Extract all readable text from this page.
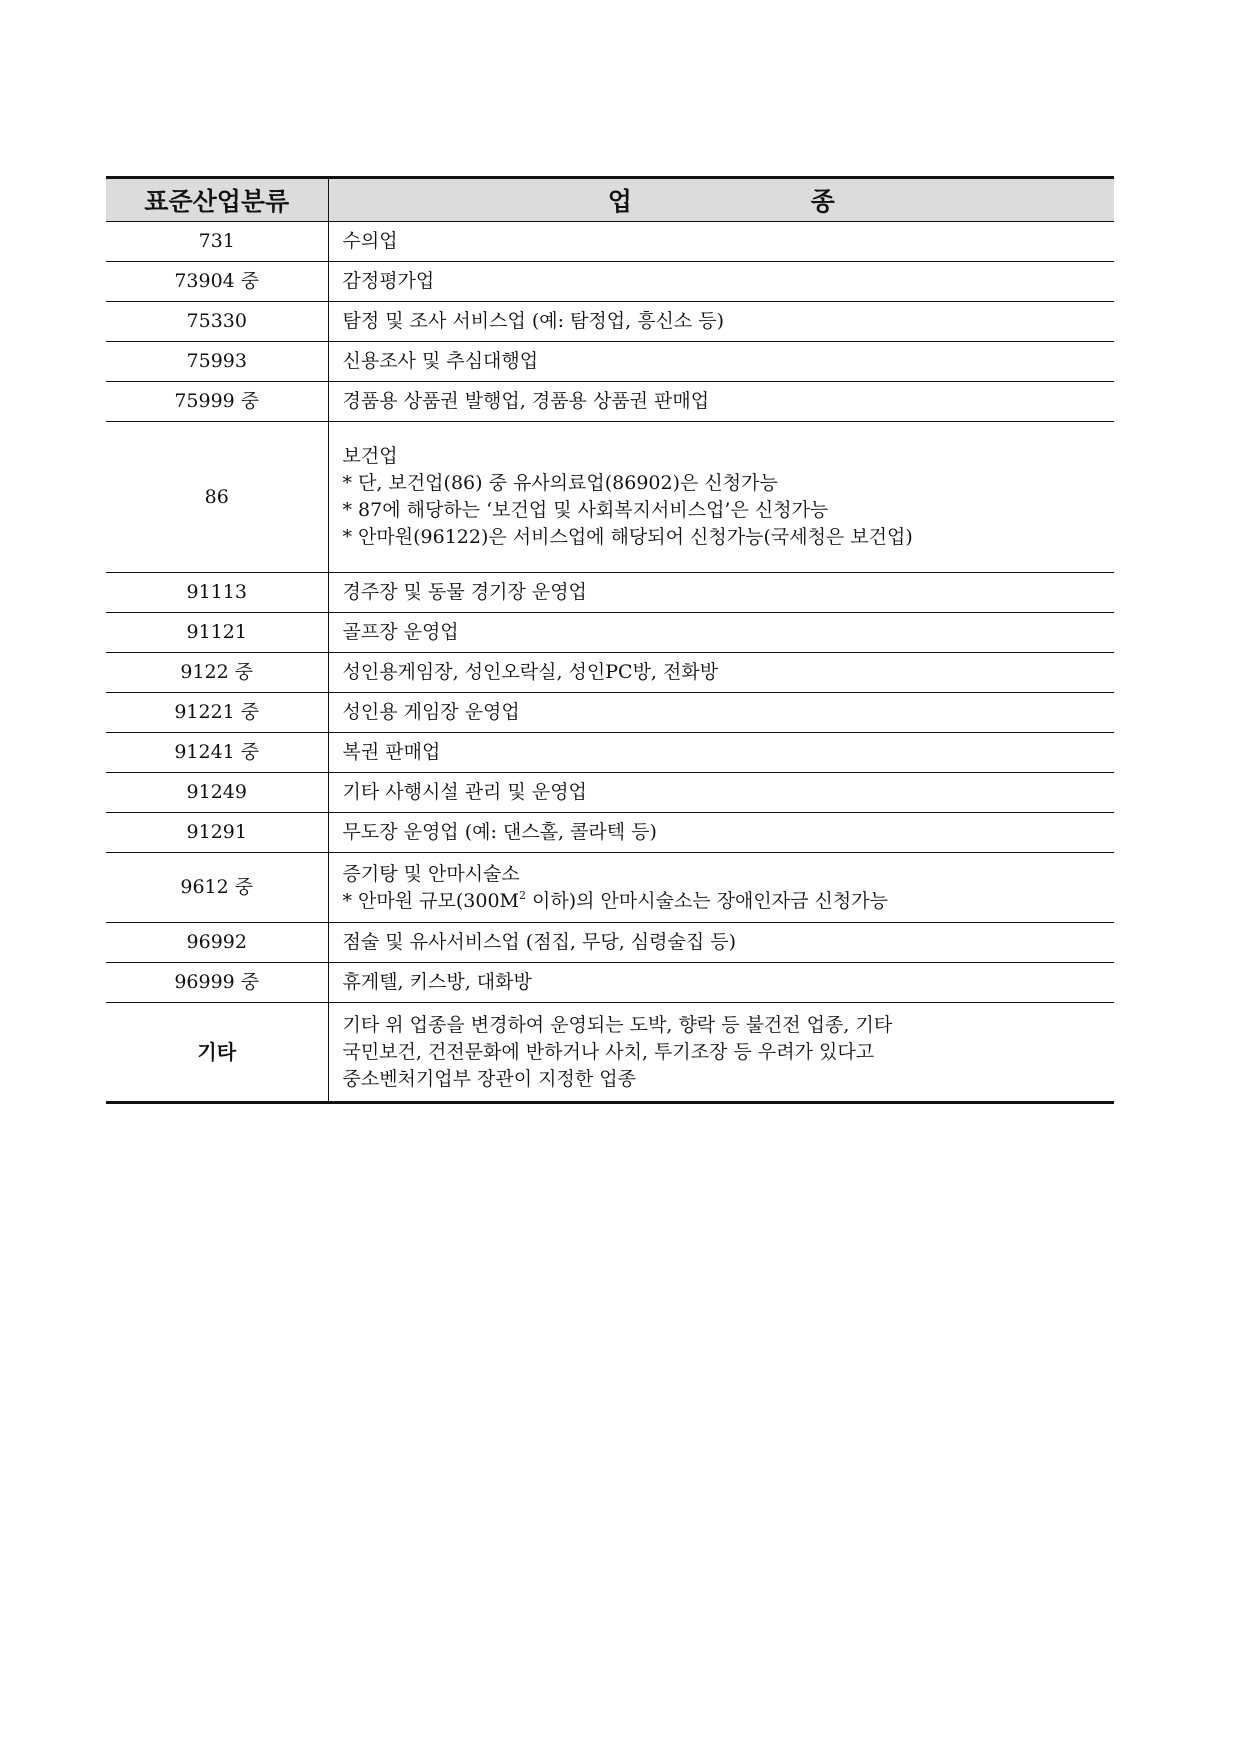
표준산업분류	업 종
731	수의업

73904 중	감정평가업

75330	탐정 및 조사 서비스업 (예: 탐정업, 흥신소 등)

75993	신용조사 및 추심대행업

75999 중	경품용 상품권 발행업, 경품용 상품권 판매업

86	보건업
* 단, 보건업(86) 중 유사의료업(86902)은 신청가능
* 87에 해당하는 ‘보건업 및 사회복지서비스업’은 신청가능
* 안마원(96122)은 서비스업에 해당되어 신청가능(국세청은 보건업)

91113	경주장 및 동물 경기장 운영업

91121	골프장 운영업

9122 중	성인용게임장, 성인오락실, 성인PC방, 전화방

91221 중	성인용 게임장 운영업

91241 중	복권 판매업

91249	기타 사행시설 관리 및 운영업

91291	무도장 운영업 (예: 댄스홀, 콜라텍 등)

9612 중	증기탕 및 안마시술소
* 안마원 규모($300M^2$ 이하)의 안마시술소는 장애인자금 신청가능

96992	점술 및 유사서비스업 (점집, 무당, 심령술집 등)

96999 중	휴게텔, 키스방, 대화방

기타	기타 위 업종을 변경하여 운영되는 도박, 향락 등 불건전 업종, 기타
국민보건, 건전문화에 반하거나 사치, 투기조장 등 우려가 있다고
중소벤처기업부 장관이 지정한 업종
